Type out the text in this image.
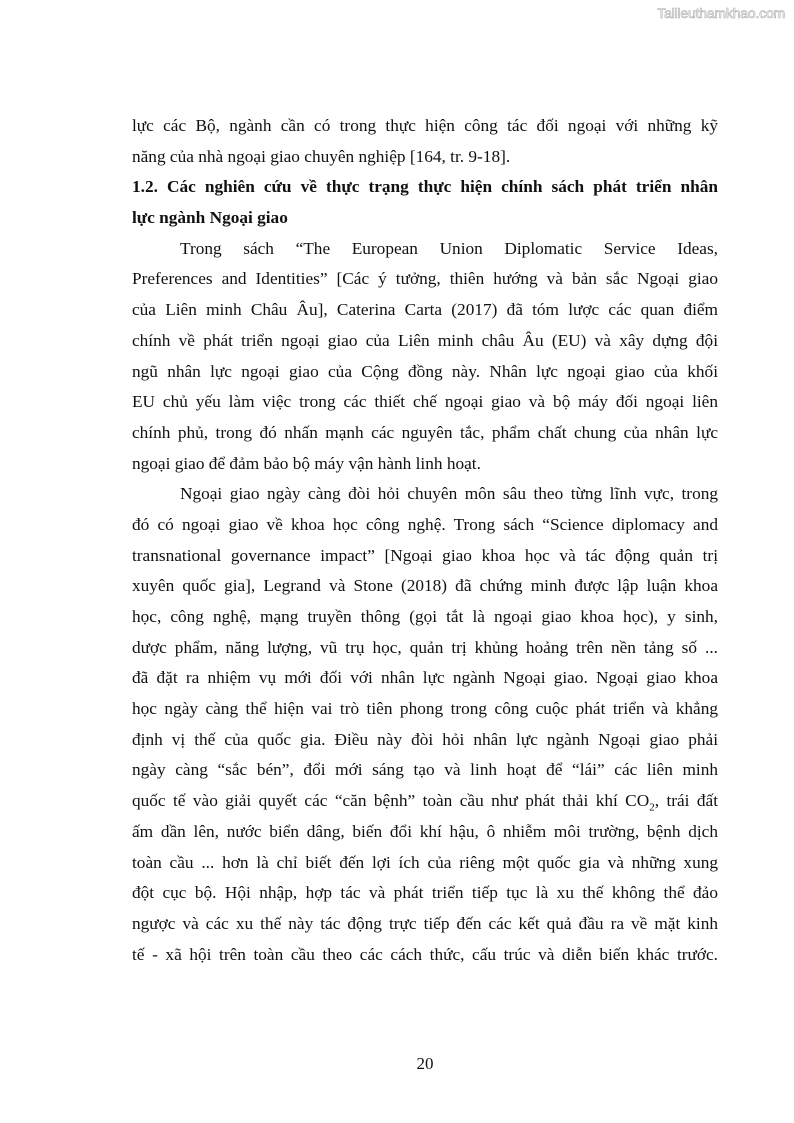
Tailieuthamkhao.com
lực các Bộ, ngành cần có trong thực hiện công tác đối ngoại với những kỹ
năng của nhà ngoại giao chuyên nghiệp [164, tr. 9-18].
1.2. Các nghiên cứu về thực trạng thực hiện chính sách phát triển nhân
lực ngành Ngoại giao
Trong sách “The European Union Diplomatic Service Ideas,
Preferences and Identities” [Các ý tưởng, thiên hướng và bản sắc Ngoại giao
của Liên minh Châu Âu], Caterina Carta (2017) đã tóm lược các quan điểm
chính về phát triển ngoại giao của Liên minh châu Âu (EU) và xây dựng đội
ngũ nhân lực ngoại giao của Cộng đồng này. Nhân lực ngoại giao của khối
EU chủ yếu làm việc trong các thiết chế ngoại giao và bộ máy đối ngoại liên
chính phủ, trong đó nhấn mạnh các nguyên tắc, phẩm chất chung của nhân lực
ngoại giao để đảm bảo bộ máy vận hành linh hoạt.
Ngoại giao ngày càng đòi hỏi chuyên môn sâu theo từng lĩnh vực, trong
đó có ngoại giao về khoa học công nghệ. Trong sách “Science diplomacy and
transnational governance impact” [Ngoại giao khoa học và tác động quản trị
xuyên quốc gia], Legrand và Stone (2018) đã chứng minh được lập luận khoa
học, công nghệ, mạng truyền thông (gọi tắt là ngoại giao khoa học), y sinh,
dược phẩm, năng lượng, vũ trụ học, quản trị khủng hoảng trên nền tảng số ...
đã đặt ra nhiệm vụ mới đối với nhân lực ngành Ngoại giao. Ngoại giao khoa
học ngày càng thể hiện vai trò tiên phong trong công cuộc phát triển và khẳng
định vị thế của quốc gia. Điều này đòi hỏi nhân lực ngành Ngoại giao phải
ngày càng “sắc bén”, đổi mới sáng tạo và linh hoạt để “lái” các liên minh
quốc tế vào giải quyết các “căn bệnh” toàn cầu như phát thải khí $CO_2$, trái đất
ấm dần lên, nước biển dâng, biến đổi khí hậu, ô nhiễm môi trường, bệnh dịch
toàn cầu ... hơn là chỉ biết đến lợi ích của riêng một quốc gia và những xung
đột cục bộ. Hội nhập, hợp tác và phát triển tiếp tục là xu thế không thể đảo
ngược và các xu thế này tác động trực tiếp đến các kết quả đầu ra về mặt kinh
tế - xã hội trên toàn cầu theo các cách thức, cấu trúc và diễn biến khác trước.
20
